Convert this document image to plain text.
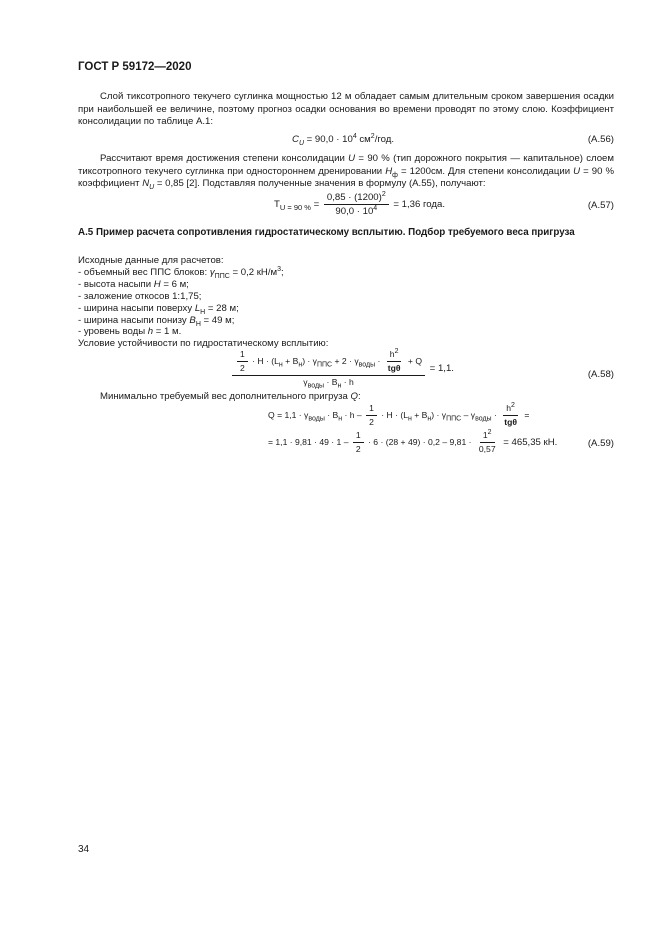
ГОСТ Р 59172—2020
Слой тиксотропного текучего суглинка мощностью 12 м обладает самым длительным сроком завершения осадки при наибольшей ее величине, поэтому прогноз осадки основания во времени проводят по этому слою. Коэффициент консолидации по таблице А.1:
$C_U = 90,0 \cdot 10^4$ $см^2$/год.	(А.56)
Рассчитают время достижения степени консолидации U = 90 % (тип дорожного покрытия — капитальное) слоем тиксотропного текучего суглинка при одностороннем дренировании $H_ф = 1200см$. Для степени консолидации U = 90 % коэффициент $N_U = 0,85$ [2]. Подставляя полученные значения в формулу (А.55), получают:
$T_{U = 90 \%} = \frac{0,85 \cdot (1200)^2}{90,0 \cdot 10^4} = 1,36$ года.	(А.57)
А.5 Пример расчета сопротивления гидростатическому всплытию. Подбор требуемого веса пригруза
Исходные данные для расчетов:
- объемный вес ППС блоков: $\gamma_{ППС} = 0,2$ $кН/м^3$;
- высота насыпи H = 6 м;
- заложение откосов 1:1,75;
- ширина насыпи поверху $L_Н = 28$ м;
- ширина насыпи понизу $B_Н = 49$ м;
- уровень воды h = 1 м.
Условие устойчивости по гидростатическому всплытию:
$\frac{\frac{1}{2} \cdot H \cdot (L_н + B_н) \cdot \gamma_{ППС} + 2 \cdot \gamma_{воды} \cdot \frac{h^2}{\text{tgθ}} + Q}{\gamma_{воды} \cdot B_н \cdot h} = 1,1$.
(А.58)
Минимально требуемый вес дополнительного пригруза Q:
$Q = 1,1 \cdot \gamma_{воды} \cdot B_н \cdot h - \frac{1}{2} \cdot H \cdot (L_н + B_н) \cdot \gamma_{ППС} - \gamma_{воды} \cdot \frac{h^2}{\text{tgθ}}$ =
= $1,1 \cdot 9,81 \cdot 49 \cdot 1 - \frac{1}{2} \cdot 6 \cdot (28 + 49) \cdot 0,2 - 9,81 \cdot \frac{1^2}{0,57} = 465,35$ кН.	(А.59)
34
